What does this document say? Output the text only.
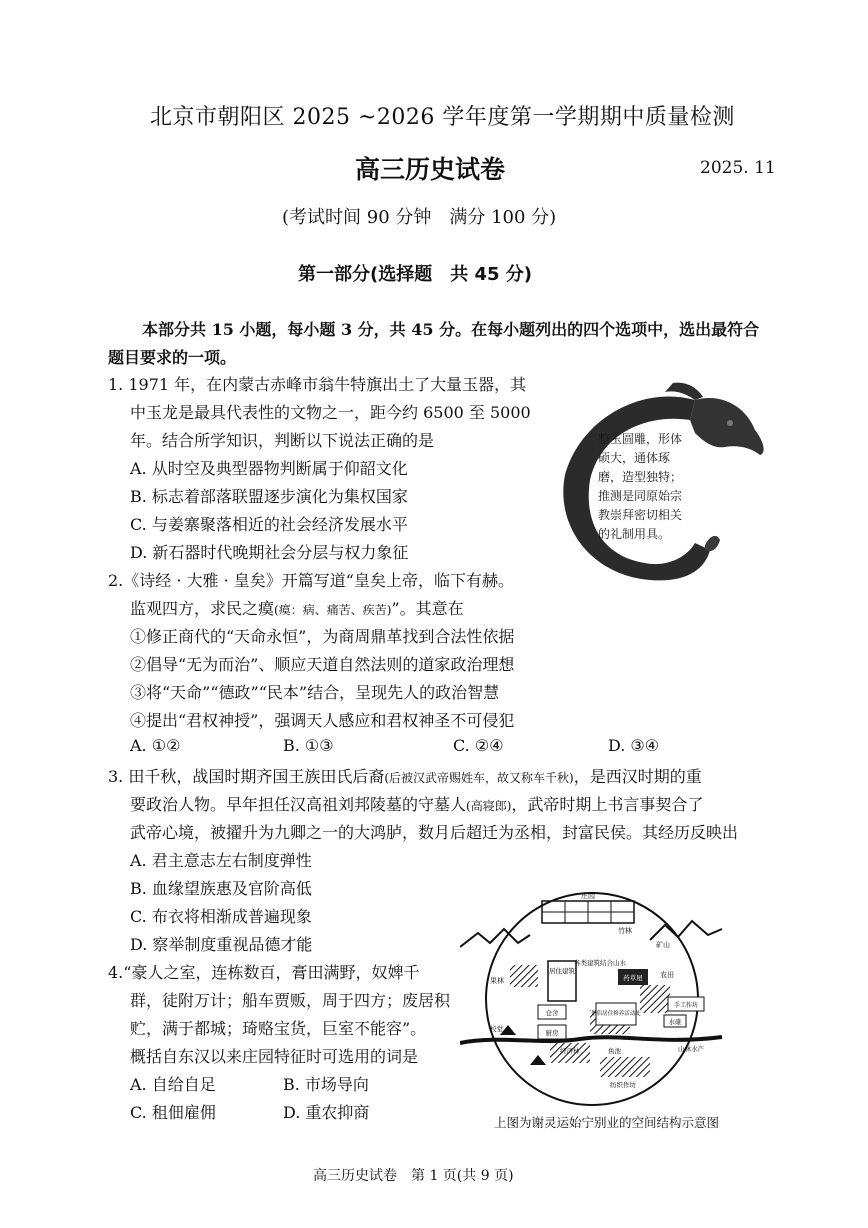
北京市朝阳区 2025 ~2026 学年度第一学期期中质量检测
高三历史试卷	2025. 11
(考试时间 90 分钟　满分 100 分)
第一部分(选择题　共 45 分)
本部分共 15 小题，每小题 3 分，共 45 分。在每小题列出的四个选项中，选出最符合题目要求的一项。
1. 1971 年，在内蒙古赤峰市翁牛特旗出土了大量玉器，其
中玉龙是最具代表性的文物之一，距今约 6500 至 5000
年。结合所学知识，判断以下说法正确的是
A. 从时空及典型器物判断属于仰韶文化
B. 标志着部落联盟逐步演化为集权国家
C. 与姜寨聚落相近的社会经济发展水平
D. 新石器时代晚期社会分层与权力象征
整玉圆雕，形体硕大，通体琢磨，造型独特；推测是同原始宗教崇拜密切相关的礼制用具。
2.《诗经 · 大雅 · 皇矣》开篇写道“皇矣上帝，临下有赫。
监观四方，求民之瘼(瘼：病、痛苦、疾苦)”。其意在
①修正商代的“天命永恒”，为商周鼎革找到合法性依据
②倡导“无为而治”、顺应天道自然法则的道家政治理想
③将“天命”“德政”“民本”结合，呈现先人的政治智慧
④提出“君权神授”，强调天人感应和君权神圣不可侵犯
A. ①②	B. ①③	C. ②④	D. ③④
3. 田千秋，战国时期齐国王族田氏后裔(后被汉武帝赐姓车，故又称车千秋)，是西汉时期的重
要政治人物。早年担任汉高祖刘邦陵墓的守墓人(高寝郎)，武帝时期上书言事契合了
武帝心境，被擢升为九卿之一的大鸿胪，数月后超迁为丞相，封富民侯。其经历反映出
A. 君主意志左右制度弹性
B. 血缘望族惠及官阶高低
C. 布衣将相渐成普遍现象
D. 察举制度重视品德才能
4.“豪人之室，连栋数百，膏田满野，奴婢千
群，徒附万计；船车贾贩，周于四方；废居积
贮，满于都城；琦赂宝货，巨室不能容”。
概括自东汉以来庄园特征时可选用的词是
A. 自给自足	B. 市场导向
C. 租佃雇佣	D. 重农抑商
庄园
竹林
矿山
果林
农田
居住建筑
各类建筑结合山水
药草屋
手工作坊
仓舍
厨房
僧侣居住修养活动处
水碓
山林水产
校堂
经济林	鱼池
纺织作坊
上图为谢灵运始宁别业的空间结构示意图
高三历史试卷　第 1 页(共 9 页)
